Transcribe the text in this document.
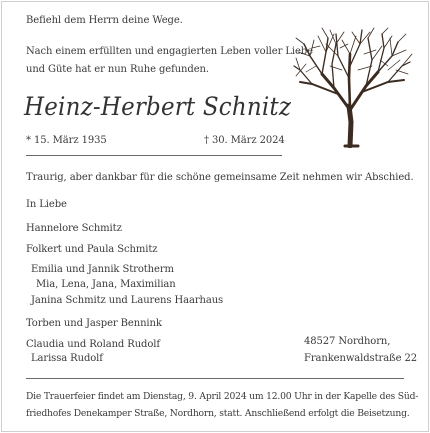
Befiehl dem Herrn deine Wege.
Nach einem erfüllten und engagierten Leben voller Liebe
und Güte hat er nun Ruhe gefunden.
Heinz-Herbert Schnitz
* 15. März 1935	† 30. März 2024
Traurig, aber dankbar für die schöne gemeinsame Zeit nehmen wir Abschied.
In Liebe
Hannelore Schmitz
Folkert und Paula Schmitz
Emilia und Jannik Strotherm
Mia, Lena, Jana, Maximilian
Janina Schmitz und Laurens Haarhaus
Torben und Jasper Bennink
Claudia und Roland Rudolf
Larissa Rudolf
48527 Nordhorn,
Frankenwaldstraße 22
Die Trauerfeier findet am Dienstag, 9. April 2024 um 12.00 Uhr in der Kapelle des Süd-
friedhofes Denekamper Straße, Nordhorn, statt. Anschließend erfolgt die Beisetzung.
